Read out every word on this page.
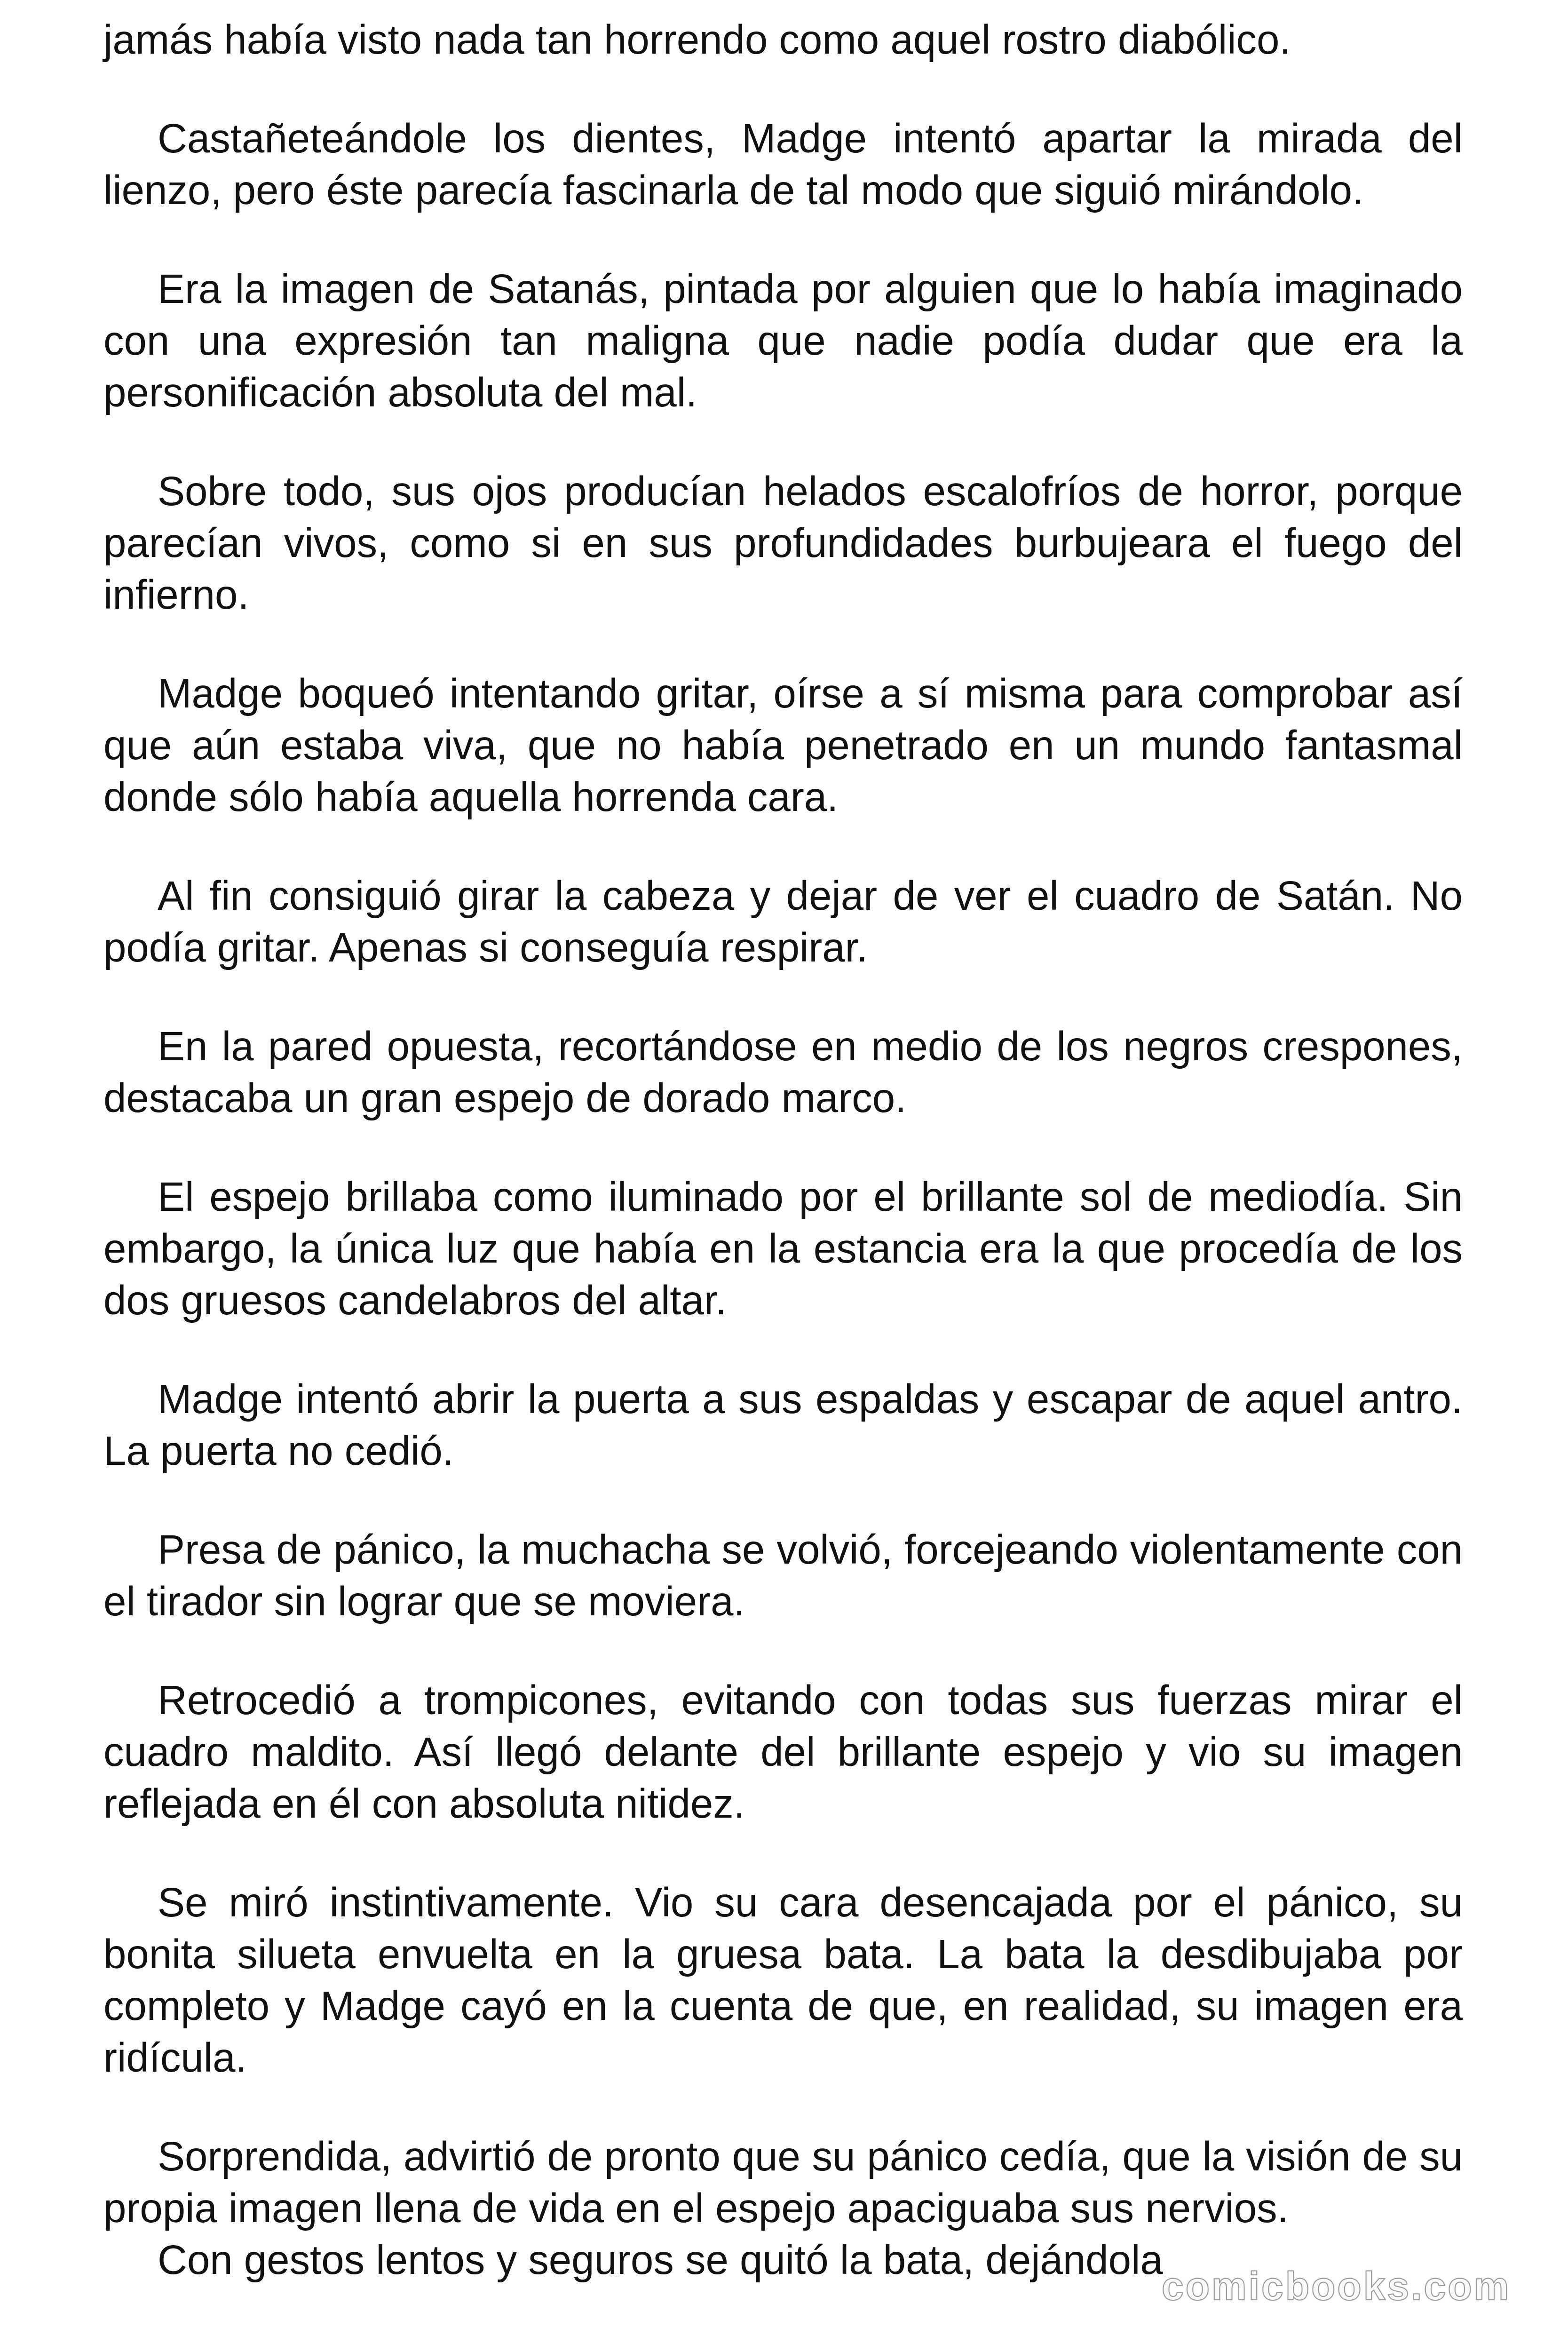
jamás había visto nada tan horrendo como aquel rostro diabólico.

Castañeteándole los dientes, Madge intentó apartar la mirada del lienzo, pero éste parecía fascinarla de tal modo que siguió mirándolo.

Era la imagen de Satanás, pintada por alguien que lo había imaginado con una expresión tan maligna que nadie podía dudar que era la personificación absoluta del mal.

Sobre todo, sus ojos producían helados escalofríos de horror, porque parecían vivos, como si en sus profundidades burbujeara el fuego del infierno.

Madge boqueó intentando gritar, oírse a sí misma para comprobar así que aún estaba viva, que no había penetrado en un mundo fantasmal donde sólo había aquella horrenda cara.

Al fin consiguió girar la cabeza y dejar de ver el cuadro de Satán. No podía gritar. Apenas si conseguía respirar.

En la pared opuesta, recortándose en medio de los negros crespones, destacaba un gran espejo de dorado marco.

El espejo brillaba como iluminado por el brillante sol de mediodía. Sin embargo, la única luz que había en la estancia era la que procedía de los dos gruesos candelabros del altar.

Madge intentó abrir la puerta a sus espaldas y escapar de aquel antro. La puerta no cedió.

Presa de pánico, la muchacha se volvió, forcejeando violentamente con el tirador sin lograr que se moviera.

Retrocedió a trompicones, evitando con todas sus fuerzas mirar el cuadro maldito. Así llegó delante del brillante espejo y vio su imagen reflejada en él con absoluta nitidez.

Se miró instintivamente. Vio su cara desencajada por el pánico, su bonita silueta envuelta en la gruesa bata. La bata la desdibujaba por completo y Madge cayó en la cuenta de que, en realidad, su imagen era ridícula.

Sorprendida, advirtió de pronto que su pánico cedía, que la visión de su propia imagen llena de vida en el espejo apaciguaba sus nervios.

Con gestos lentos y seguros se quitó la bata, dejándola

comicbooks.com
